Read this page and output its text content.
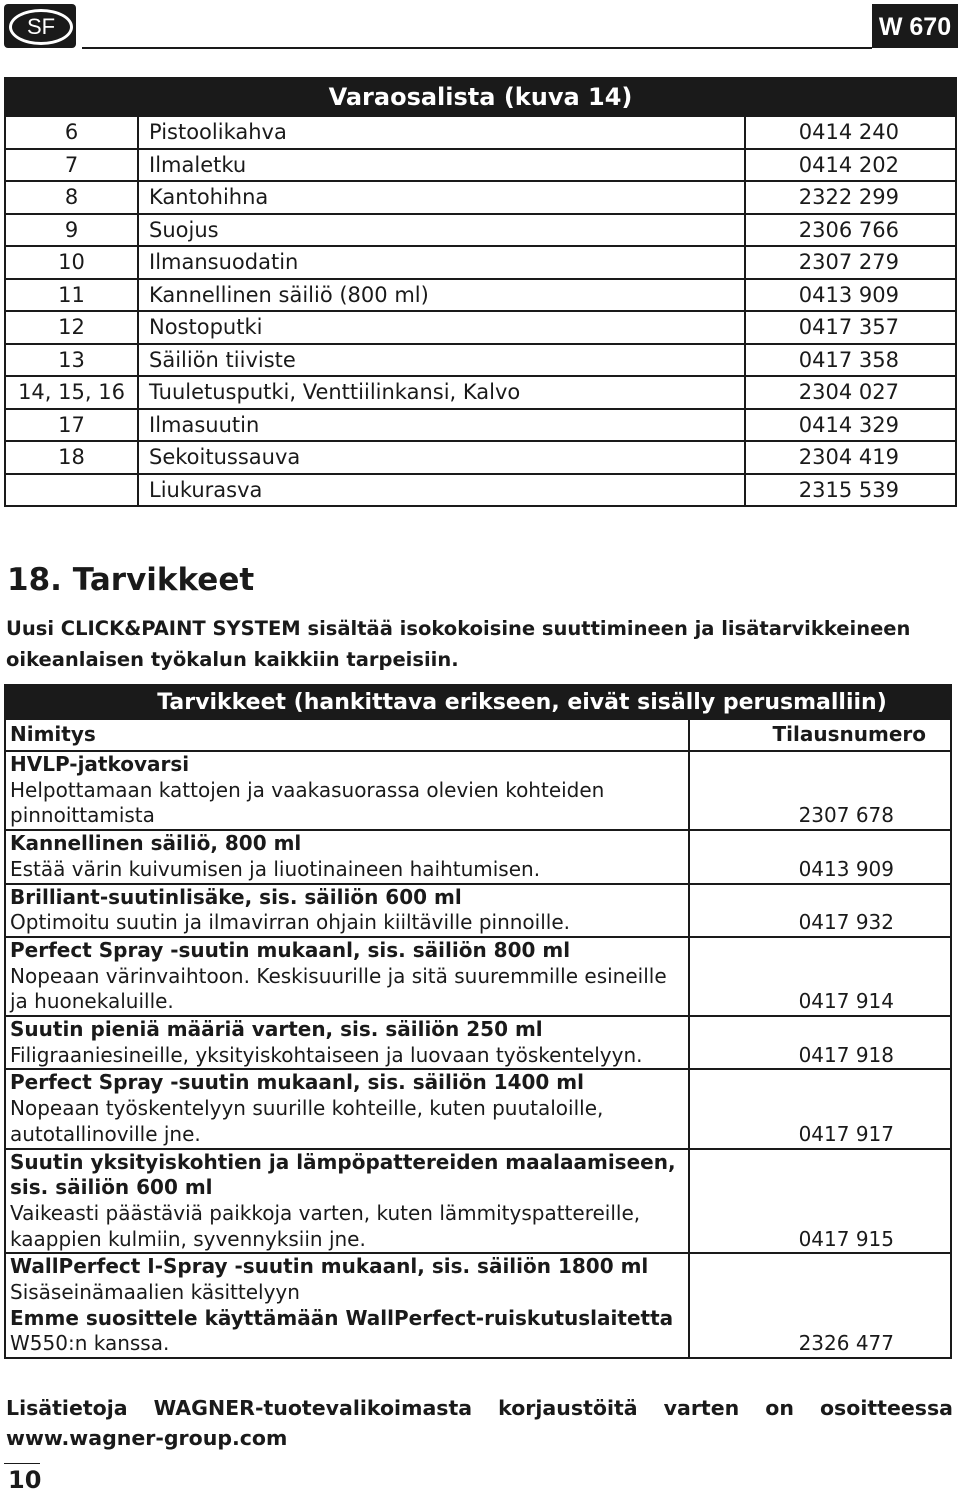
SF	W 670
Varaosalista (kuva 14)		
6	Pistoolikahva	0414 240
7	Ilmaletku	0414 202
8	Kantohihna	2322 299
9	Suojus	2306 766
10	Ilmansuodatin	2307 279
11	Kannellinen säiliö (800 ml)	0413 909
12	Nostoputki	0417 357
13	Säiliön tiiviste	0417 358
14, 15, 16	Tuuletusputki, Venttiilinkansi, Kalvo	2304 027
17	Ilmasuutin	0414 329
18	Sekoitussauva	2304 419
	Liukurasva	2315 539
18. Tarvikkeet
Uusi CLICK&PAINT SYSTEM sisältää isokokoisine suuttimineen ja lisätarvikkeineen oikeanlaisen työkalun kaikkiin tarpeisiin.
Tarvikkeet (hankittava erikseen, eivät sisälly perusmalliin)	
Nimitys	Tilausnumero

HVLP-jatkovarsi
Helpottamaan kattojen ja vaakasuorassa olevien kohteiden pinnoittamista	2307 678

Kannellinen säiliö, 800 ml
Estää värin kuivumisen ja liuotinaineen haihtumisen.	0413 909

Brilliant-suutinlisäke, sis. säiliön 600 ml
Optimoitu suutin ja ilmavirran ohjain kiiltäville pinnoille.	0417 932

Perfect Spray -suutin mukaanl, sis. säiliön 800 ml
Nopeaan värinvaihtoon. Keskisuurille ja sitä suuremmille esineille ja huonekaluille.	0417 914

Suutin pieniä määriä varten, sis. säiliön 250 ml
Filigraaniesineille, yksityiskohtaiseen ja luovaan työskentelyyn.	0417 918

Perfect Spray -suutin mukaanl, sis. säiliön 1400 ml
Nopeaan työskentelyyn suurille kohteille, kuten puutaloille, autotallinoville jne.	0417 917

Suutin yksityiskohtien ja lämpöpattereiden maalaamiseen, sis. säiliön 600 ml
Vaikeasti päästäviä paikkoja varten, kuten lämmityspattereille, kaappien kulmiin, syvennyksiin jne.	0417 915

WallPerfect I-Spray -suutin mukaanl, sis. säiliön 1800 ml
Sisäseinämaalien käsittelyyn
Emme suosittele käyttämään WallPerfect-ruiskutuslaitetta
W550:n kanssa.	2326 477
Lisätietoja WAGNER-tuotevalikoimasta korjaustöitä varten on osoitteessa
www.wagner-group.com
10
